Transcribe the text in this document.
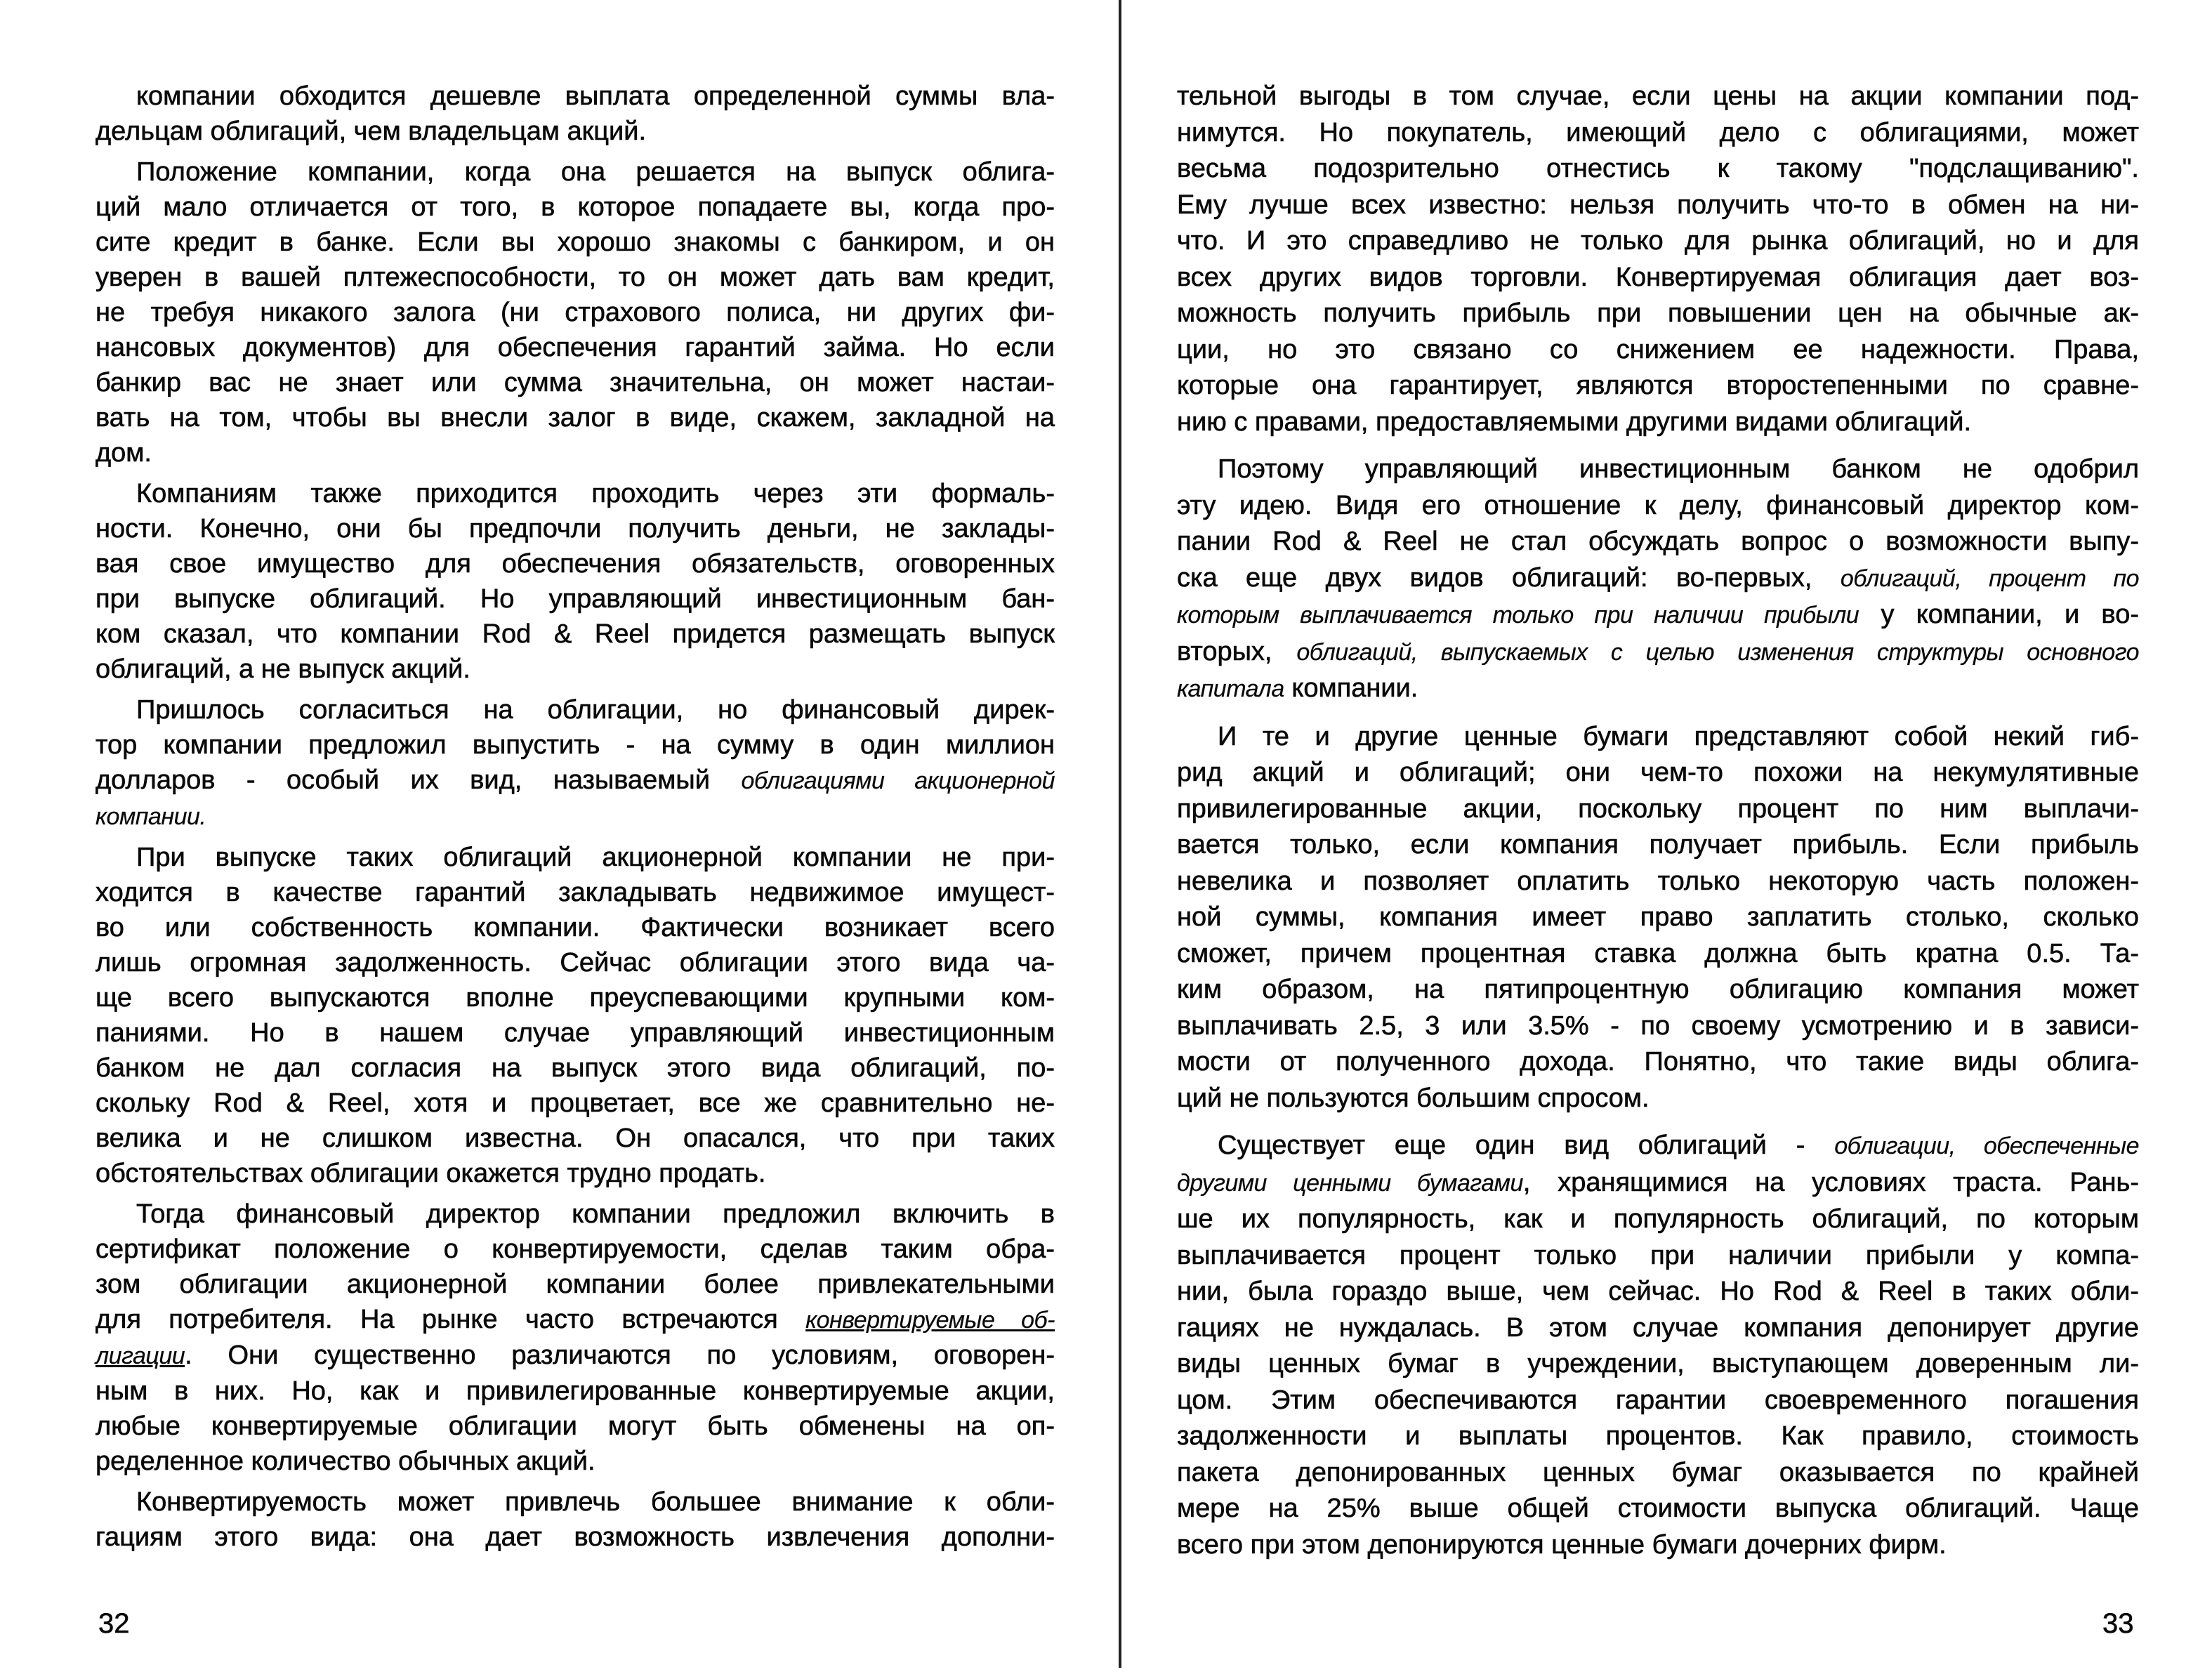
компании обходится дешевле выплата определенной суммы вла-
дельцам облигаций, чем владельцам акций.
Положение компании, когда она решается на выпуск облига-
ций мало отличается от того, в которое попадаете вы, когда про-
сите кредит в банке. Если вы хорошо знакомы с банкиром, и он
уверен в вашей плтежеспособности, то он может дать вам кредит,
не требуя никакого залога (ни страхового полиса, ни других фи-
нансовых документов) для обеспечения гарантий займа. Но если
банкир вас не знает или сумма значительна, он может настаи-
вать на том, чтобы вы внесли залог в виде, скажем, закладной на
дом.
Компаниям также приходится проходить через эти формаль-
ности. Конечно, они бы предпочли получить деньги, не заклады-
вая свое имущество для обеспечения обязательств, оговоренных
при выпуске облигаций. Но управляющий инвестиционным бан-
ком сказал, что компании Rod & Reel придется размещать выпуск
облигаций, а не выпуск акций.
Пришлось согласиться на облигации, но финансовый дирек-
тор компании предложил выпустить - на сумму в один миллион
долларов - особый их вид, называемый облигациями акционерной
компании.
При выпуске таких облигаций акционерной компании не при-
ходится в качестве гарантий закладывать недвижимое имущест-
во или собственность компании. Фактически возникает всего
лишь огромная задолженность. Сейчас облигации этого вида ча-
ще всего выпускаются вполне преуспевающими крупными ком-
паниями. Но в нашем случае управляющий инвестиционным
банком не дал согласия на выпуск этого вида облигаций, по-
скольку Rod & Reel, хотя и процветает, все же сравнительно не-
велика и не слишком известна. Он опасался, что при таких
обстоятельствах облигации окажется трудно продать.
Тогда финансовый директор компании предложил включить в
сертификат положение о конвертируемости, сделав таким обра-
зом облигации акционерной компании более привлекательными
для потребителя. На рынке часто встречаются конвертируемые об-
лигации. Они существенно различаются по условиям, оговорен-
ным в них. Но, как и привилегированные конвертируемые акции,
любые конвертируемые облигации могут быть обменены на оп-
ределенное количество обычных акций.
Конвертируемость может привлечь большее внимание к обли-
гациям этого вида: она дает возможность извлечения дополни-
тельной выгоды в том случае, если цены на акции компании под-
нимутся. Но покупатель, имеющий дело с облигациями, может
весьма подозрительно отнестись к такому "подслащиванию".
Ему лучше всех известно: нельзя получить что-то в обмен на ни-
что. И это справедливо не только для рынка облигаций, но и для
всех других видов торговли. Конвертируемая облигация дает воз-
можность получить прибыль при повышении цен на обычные ак-
ции, но это связано со снижением ее надежности. Права,
которые она гарантирует, являются второстепенными по сравне-
нию с правами, предоставляемыми другими видами облигаций.
Поэтому управляющий инвестиционным банком не одобрил
эту идею. Видя его отношение к делу, финансовый директор ком-
пании Rod & Reel не стал обсуждать вопрос о возможности выпу-
ска еще двух видов облигаций: во-первых, облигаций, процент по
которым выплачивается только при наличии прибыли у компании, и во-
вторых, облигаций, выпускаемых с целью изменения структуры основного
капитала компании.
И те и другие ценные бумаги представляют собой некий гиб-
рид акций и облигаций; они чем-то похожи на некумулятивные
привилегированные акции, поскольку процент по ним выплачи-
вается только, если компания получает прибыль. Если прибыль
невелика и позволяет оплатить только некоторую часть положен-
ной суммы, компания имеет право заплатить столько, сколько
сможет, причем процентная ставка должна быть кратна 0.5. Та-
ким образом, на пятипроцентную облигацию компания может
выплачивать 2.5, 3 или 3.5% - по своему усмотрению и в зависи-
мости от полученного дохода. Понятно, что такие виды облига-
ций не пользуются большим спросом.
Существует еще один вид облигаций - облигации, обеспеченные
другими ценными бумагами, хранящимися на условиях траста. Рань-
ше их популярность, как и популярность облигаций, по которым
выплачивается процент только при наличии прибыли у компа-
нии, была гораздо выше, чем сейчас. Но Rod & Reel в таких обли-
гациях не нуждалась. В этом случае компания депонирует другие
виды ценных бумаг в учреждении, выступающем доверенным ли-
цом. Этим обеспечиваются гарантии своевременного погашения
задолженности и выплаты процентов. Как правило, стоимость
пакета депонированных ценных бумаг оказывается по крайней
мере на 25% выше общей стоимости выпуска облигаций. Чаще
всего при этом депонируются ценные бумаги дочерних фирм.
32	33
